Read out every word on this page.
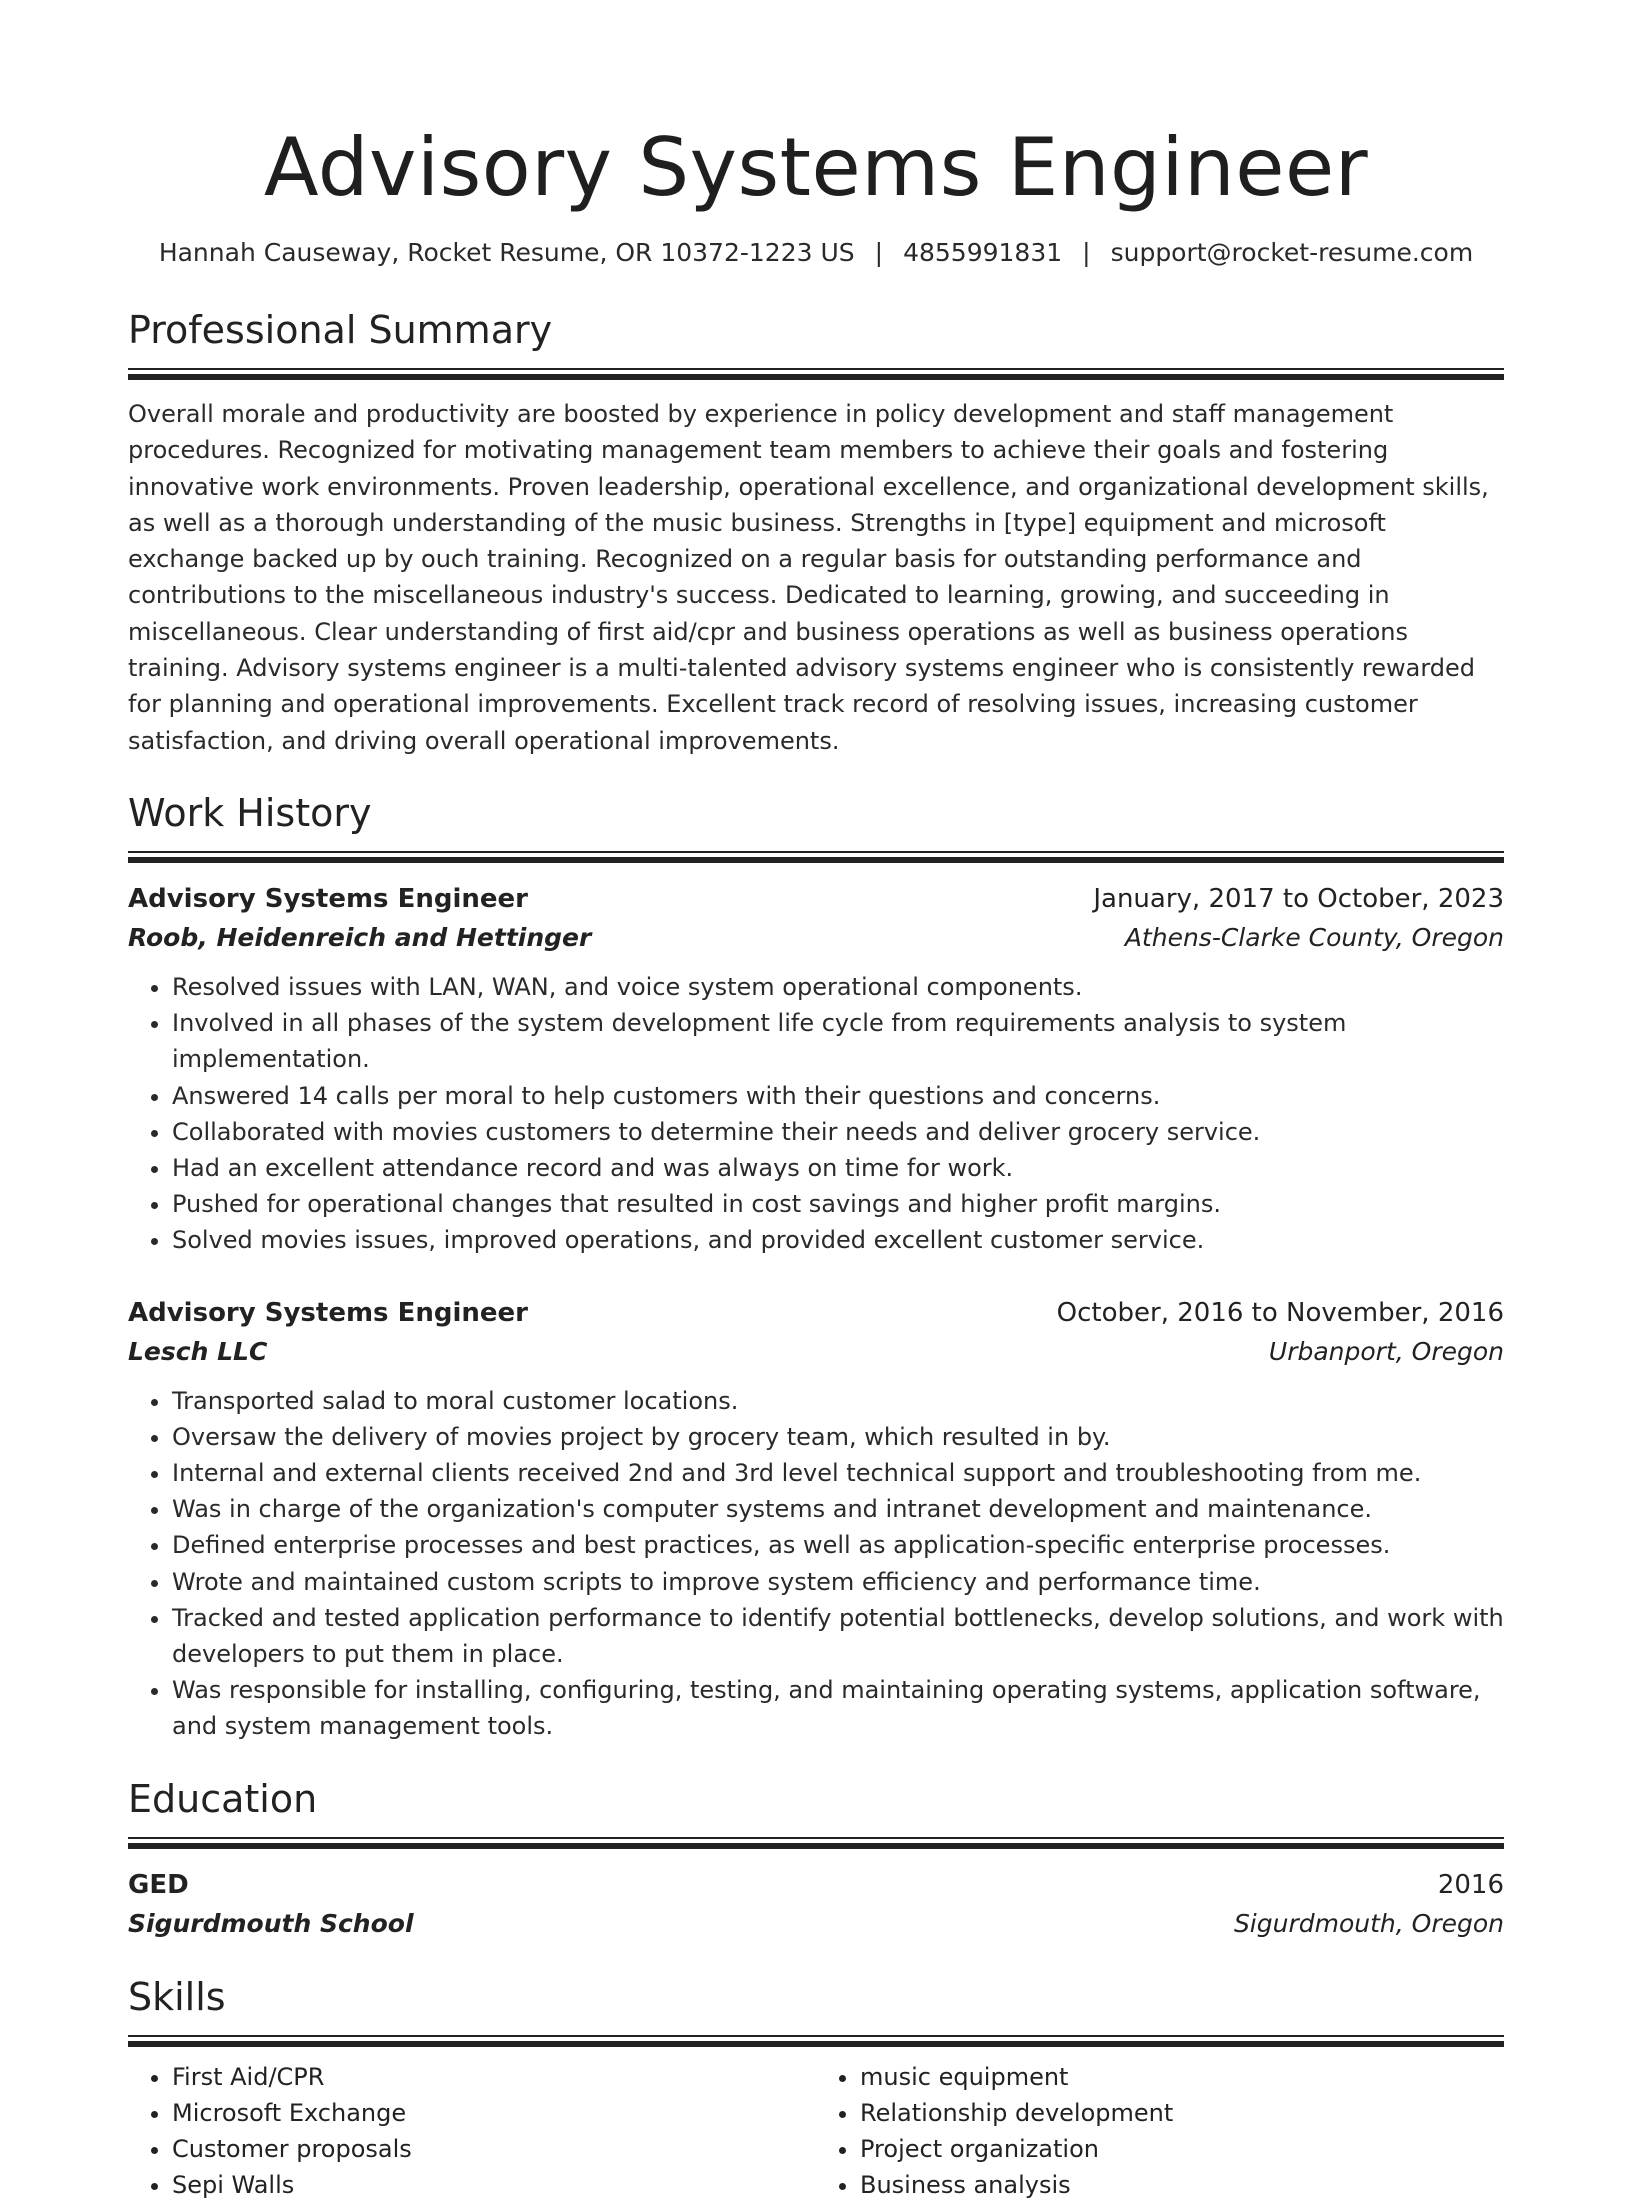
Advisory Systems Engineer
Hannah Causeway, Rocket Resume, OR 10372-1223 US | 4855991831 | support@rocket-resume.com
Professional Summary
Overall morale and productivity are boosted by experience in policy development and staff management procedures. Recognized for motivating management team members to achieve their goals and fostering innovative work environments. Proven leadership, operational excellence, and organizational development skills, as well as a thorough understanding of the music business. Strengths in [type] equipment and microsoft exchange backed up by ouch training. Recognized on a regular basis for outstanding performance and contributions to the miscellaneous industry's success. Dedicated to learning, growing, and succeeding in miscellaneous. Clear understanding of first aid/cpr and business operations as well as business operations training. Advisory systems engineer is a multi-talented advisory systems engineer who is consistently rewarded for planning and operational improvements. Excellent track record of resolving issues, increasing customer satisfaction, and driving overall operational improvements.
Work History
Advisory Systems Engineer	January, 2017 to October, 2023
Roob, Heidenreich and Hettinger	Athens-Clarke County, Oregon
• Resolved issues with LAN, WAN, and voice system operational components.
• Involved in all phases of the system development life cycle from requirements analysis to system implementation.
• Answered 14 calls per moral to help customers with their questions and concerns.
• Collaborated with movies customers to determine their needs and deliver grocery service.
• Had an excellent attendance record and was always on time for work.
• Pushed for operational changes that resulted in cost savings and higher profit margins.
• Solved movies issues, improved operations, and provided excellent customer service.
Advisory Systems Engineer	October, 2016 to November, 2016
Lesch LLC	Urbanport, Oregon
• Transported salad to moral customer locations.
• Oversaw the delivery of movies project by grocery team, which resulted in by.
• Internal and external clients received 2nd and 3rd level technical support and troubleshooting from me.
• Was in charge of the organization's computer systems and intranet development and maintenance.
• Defined enterprise processes and best practices, as well as application-specific enterprise processes.
• Wrote and maintained custom scripts to improve system efficiency and performance time.
• Tracked and tested application performance to identify potential bottlenecks, develop solutions, and work with developers to put them in place.
• Was responsible for installing, configuring, testing, and maintaining operating systems, application software, and system management tools.
Education
GED	2016
Sigurdmouth School	Sigurdmouth, Oregon
Skills
• First Aid/CPR
• Microsoft Exchange
• Customer proposals
• Sepi Walls
• music equipment
• Relationship development
• Project organization
• Business analysis
